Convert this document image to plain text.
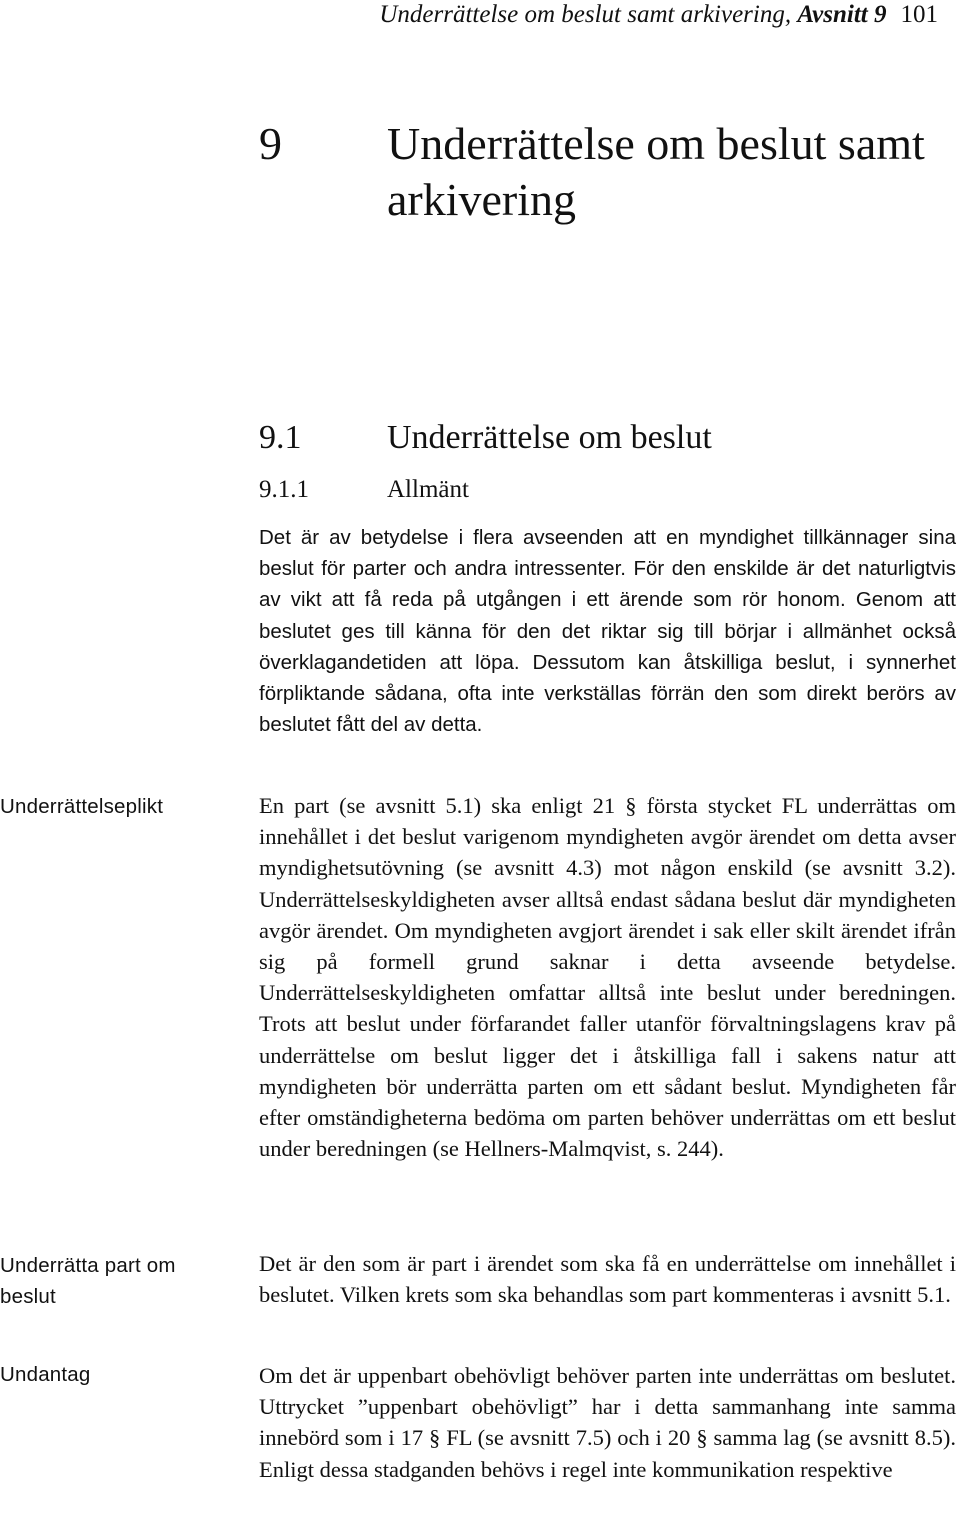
Underrättelse om beslut samt arkivering, Avsnitt 9 101
9 Underrättelse om beslut samt arkivering
9.1	Underrättelse om beslut
9.1.1	Allmänt

Det är av betydelse i flera avseenden att en myndighet tillkännager sina beslut för parter och andra intressenter. För den enskilde är det naturligtvis av vikt att få reda på utgången i ett ärende som rör honom. Genom att beslutet ges till känna för den det riktar sig till börjar i allmänhet också överklagandetiden att löpa. Dessutom kan åtskilliga beslut, i synnerhet förpliktande sådana, ofta inte verkställas förrän den som direkt berörs av beslutet fått del av detta.

En part (se avsnitt 5.1) ska enligt 21 § första stycket FL underrättas om innehållet i det beslut varigenom myndigheten avgör ärendet om detta avser myndighetsutövning (se avsnitt 4.3) mot någon enskild (se avsnitt 3.2). Underrättelseskyldigheten avser alltså endast sådana beslut där myndigheten avgör ärendet. Om myndigheten avgjort ärendet i sak eller skilt ärendet ifrån sig på formell grund saknar i detta avseende betydelse. Underrättelseskyldigheten omfattar alltså inte beslut under beredningen. Trots att beslut under förfarandet faller utanför förvaltningslagens krav på underrättelse om beslut ligger det i åtskilliga fall i sakens natur att myndigheten bör underrätta parten om ett sådant beslut. Myndigheten får efter omständigheterna bedöma om parten behöver underrättas om ett beslut under beredningen (se Hellners-Malmqvist, s. 244).

Det är den som är part i ärendet som ska få en underrättelse om innehållet i beslutet. Vilken krets som ska behandlas som part kommenteras i avsnitt 5.1.

Om det är uppenbart obehövligt behöver parten inte underrättas om beslutet. Uttrycket ”uppenbart obehövligt” har i detta sammanhang inte samma innebörd som i 17 § FL (se avsnitt 7.5) och i 20 § samma lag (se avsnitt 8.5). Enligt dessa stadganden behövs i regel inte kommunikation respektive

Underrättelseplikt
Underrätta part om beslut
Undantag
